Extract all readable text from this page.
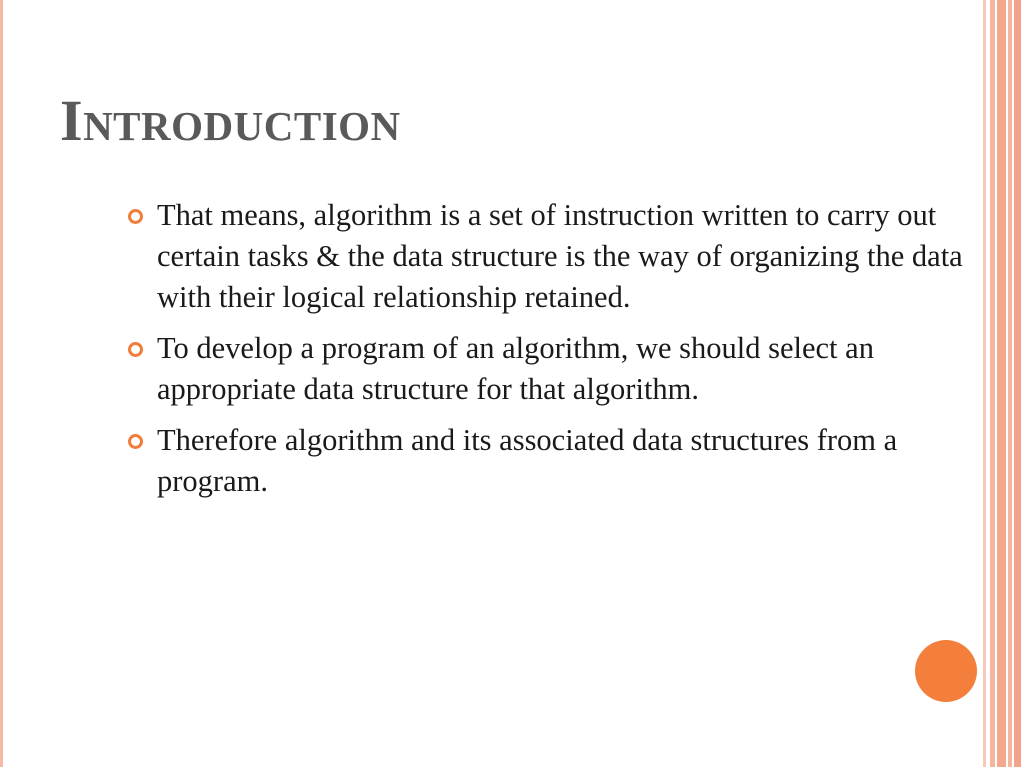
Introduction
That means, algorithm is a set of instruction written to carry out certain tasks & the data structure is the way of organizing the data with their logical relationship retained.
To develop a program of an algorithm, we should select an appropriate data structure for that algorithm.
Therefore algorithm and its associated data structures from a program.
